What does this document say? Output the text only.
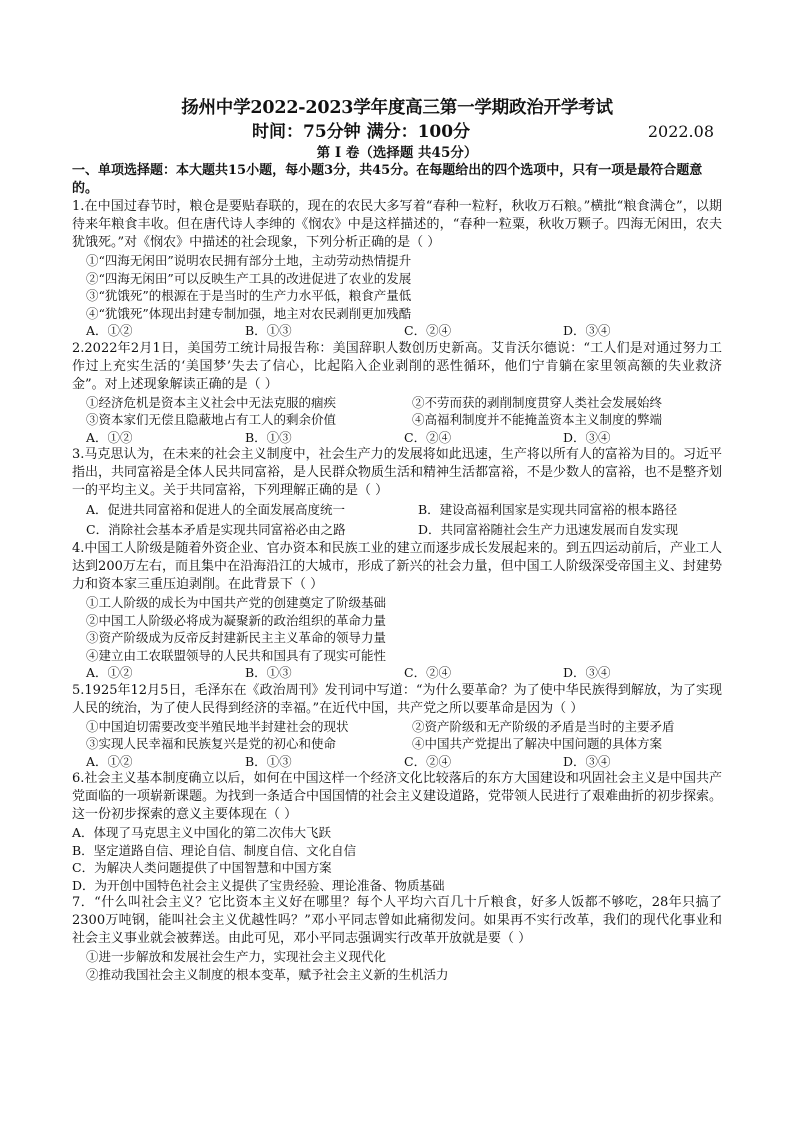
扬州中学2022-2023学年度高三第一学期政治开学考试
时间：75分钟 满分：100分	2022.08
第 Ⅰ 卷（选择题 共45分）
一、单项选择题：本大题共15小题，每小题3分，共45分。在每题给出的四个选项中，只有一项是最符合题意的。
1.在中国过春节时，粮仓是要贴春联的，现在的农民大多写着“春种一粒籽，秋收万石粮。”横批“粮食满仓”，以期待来年粮食丰收。但在唐代诗人李绅的《悯农》中是这样描述的，“春种一粒粟，秋收万颗子。四海无闲田，农夫犹饿死。”对《悯农》中描述的社会现象，下列分析正确的是（ ）
①“四海无闲田”说明农民拥有部分土地，主动劳动热情提升
②“四海无闲田”可以反映生产工具的改进促进了农业的发展
③“犹饿死”的根源在于是当时的生产力水平低，粮食产量低
④“犹饿死”体现出封建专制加强，地主对农民剥削更加残酷
A．①②	B．①③	C．②④	D．③④
2.2022年2月1日，美国劳工统计局报告称：美国辞职人数创历史新高。艾肯沃尔德说：“工人们是对通过努力工作过上充实生活的‘美国梦’失去了信心，比起陷入企业剥削的恶性循环，他们宁肯躺在家里领高额的失业救济金”。对上述现象解读正确的是（ ）
①经济危机是资本主义社会中无法克服的痼疾	②不劳而获的剥削制度贯穿人类社会发展始终
③资本家们无偿且隐蔽地占有工人的剩余价值	④高福利制度并不能掩盖资本主义制度的弊端
A．①②	B．①③	C．②④	D．③④
3.马克思认为，在未来的社会主义制度中，社会生产力的发展将如此迅速，生产将以所有人的富裕为目的。习近平指出，共同富裕是全体人民共同富裕，是人民群众物质生活和精神生活都富裕，不是少数人的富裕，也不是整齐划一的平均主义。关于共同富裕，下列理解正确的是（ ）
A．促进共同富裕和促进人的全面发展高度统一	B．建设高福利国家是实现共同富裕的根本路径
C．消除社会基本矛盾是实现共同富裕必由之路	D．共同富裕随社会生产力迅速发展而自发实现
4.中国工人阶级是随着外资企业、官办资本和民族工业的建立而逐步成长发展起来的。到五四运动前后，产业工人达到200万左右，而且集中在沿海沿江的大城市，形成了新兴的社会力量，但中国工人阶级深受帝国主义、封建势力和资本家三重压迫剥削。在此背景下（ ）
①工人阶级的成长为中国共产党的创建奠定了阶级基础
②中国工人阶级必将成为凝聚新的政治组织的革命力量
③资产阶级成为反帝反封建新民主主义革命的领导力量
④建立由工农联盟领导的人民共和国具有了现实可能性
A．①②	B．①③	C．②④	D．③④
5.1925年12月5日，毛泽东在《政治周刊》发刊词中写道：“为什么要革命？为了使中华民族得到解放，为了实现人民的统治，为了使人民得到经济的幸福。”在近代中国，共产党之所以要革命是因为（ ）
①中国迫切需要改变半殖民地半封建社会的现状	②资产阶级和无产阶级的矛盾是当时的主要矛盾
③实现人民幸福和民族复兴是党的初心和使命	④中国共产党提出了解决中国问题的具体方案
A．①②	B．①③	C．②④	D．③④
6.社会主义基本制度确立以后，如何在中国这样一个经济文化比较落后的东方大国建设和巩固社会主义是中国共产党面临的一项崭新课题。为找到一条适合中国国情的社会主义建设道路，党带领人民进行了艰难曲折的初步探索。这一份初步探索的意义主要体现在（ ）
A．体现了马克思主义中国化的第二次伟大飞跃
B．坚定道路自信、理论自信、制度自信、文化自信
C．为解决人类问题提供了中国智慧和中国方案
D．为开创中国特色社会主义提供了宝贵经验、理论准备、物质基础
7．“什么叫社会主义？它比资本主义好在哪里？每个人平均六百几十斤粮食，好多人饭都不够吃，28年只搞了2300万吨钢，能叫社会主义优越性吗？”邓小平同志曾如此痛彻发问。如果再不实行改革，我们的现代化事业和社会主义事业就会被葬送。由此可见，邓小平同志强调实行改革开放就是要（ ）
①进一步解放和发展社会生产力，实现社会主义现代化
②推动我国社会主义制度的根本变革，赋予社会主义新的生机活力
